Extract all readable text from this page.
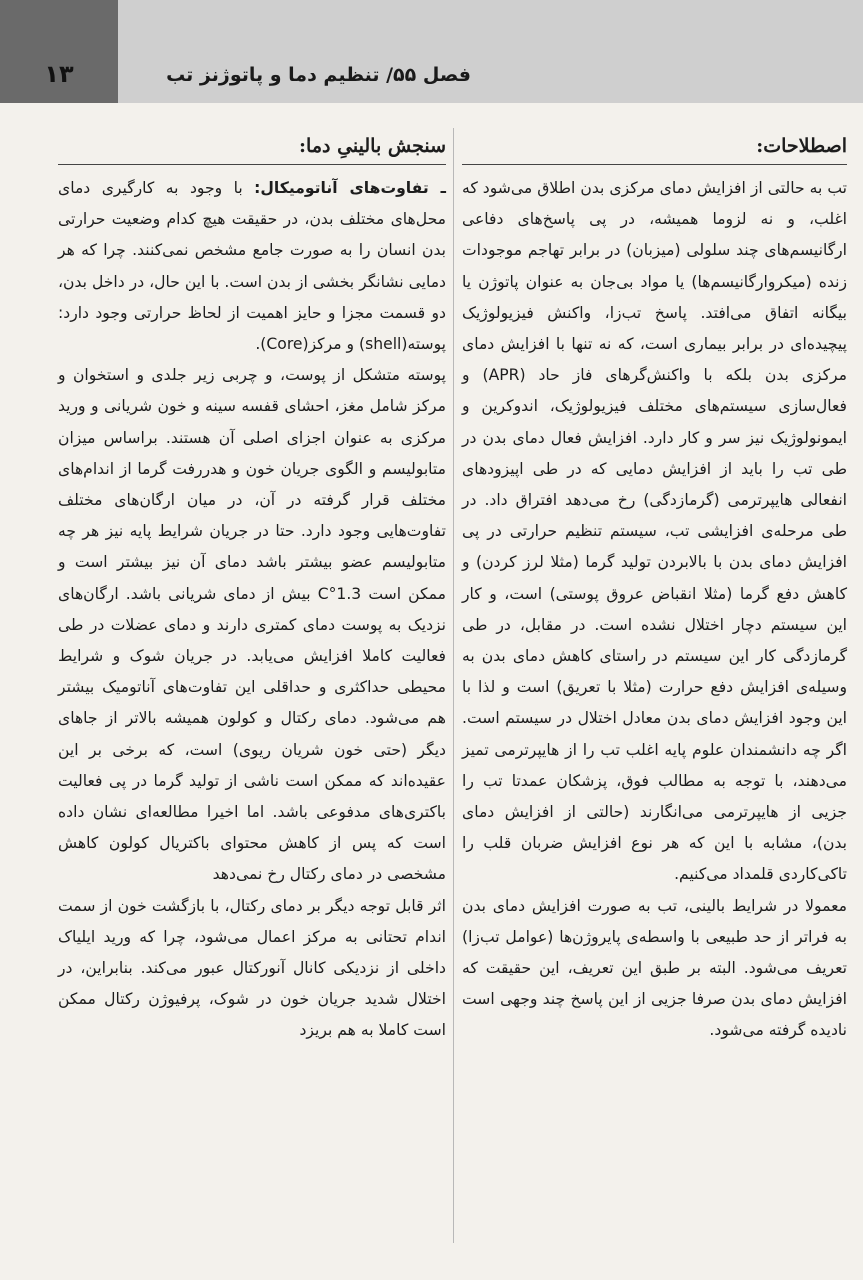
۱۳	فصل ۵۵/ تنظیم دما و پاتوژنز تب
اصطلاحات:

تب به حالتی از افزایش دمای مرکزی بدن اطلاق می‌شود که اغلب، و نه لزوما همیشه، در پی پاسخ‌های دفاعی ارگانیسم‌های چند سلولی (میزبان) در برابر تهاجم موجودات زنده (میکروارگانیسم‌ها) یا مواد بی‌جان به عنوان پاتوژن یا بیگانه اتفاق می‌افتد. پاسخ تب‌زا، واکنش فیزیولوژیک پیچیده‌ای در برابر بیماری است، که نه تنها با افزایش دمای مرکزی بدن بلکه با واکنش‌گرهای فاز حاد (APR) و فعال‌سازی سیستم‌های مختلف فیزیولوژیک، اندوکرین و ایمونولوژیک نیز سر و کار دارد. افزایش فعال دمای بدن در طی تب را باید از افزایش دمایی که در طی اپیزودهای انفعالی هایپرترمی (گرمازدگی) رخ می‌دهد افتراق داد. در طی مرحله‌ی افزایشی تب، سیستم تنظیم حرارتی در پی افزایش دمای بدن با بالابردن تولید گرما (مثلا لرز کردن) و کاهش دفع گرما (مثلا انقباض عروق پوستی) است، و کار این سیستم دچار اختلال نشده است. در مقابل، در طی گرمازدگی کار این سیستم در راستای کاهش دمای بدن به وسیله‌ی افزایش دفع حرارت (مثلا با تعریق) است و لذا با این وجود افزایش دمای بدن معادل اختلال در سیستم است. اگر چه دانشمندان علوم پایه اغلب تب را از هایپرترمی تمیز می‌دهند، با توجه به مطالب فوق، پزشکان عمدتا تب را جزیی از هایپرترمی می‌انگارند (حالتی از افزایش دمای بدن)، مشابه با این که هر نوع افزایش ضربان قلب را تاکی‌کاردی قلمداد می‌کنیم.

معمولا در شرایط بالینی، تب به صورت افزایش دمای بدن به فراتر از حد طبیعی با واسطه‌ی پایروژن‌ها (عوامل تب‌زا) تعریف می‌شود. البته بر طبق این تعریف، این حقیقت که افزایش دمای بدن صرفا جزیی از این پاسخ چند وجهی است نادیده گرفته می‌شود.

سنجش بالینیِ دما:

ـ تفاوت‌های آناتومیکال: با وجود به کارگیری دمای محل‌های مختلف بدن، در حقیقت هیچ کدام وضعیت حرارتی بدن انسان را به صورت جامع مشخص نمی‌کنند. چرا که هر دمایی نشانگر بخشی از بدن است. با این حال، در داخل بدن، دو قسمت مجزا و حایز اهمیت از لحاظ حرارتی وجود دارد: پوسته(shell) و مرکز(Core).

پوسته متشکل از پوست، و چربی زیر جلدی و استخوان و مرکز شامل مغز، احشای قفسه سینه و خون شریانی و ورید مرکزی به عنوان اجزای اصلی آن هستند. براساس میزان متابولیسم و الگوی جریان خون و هدررفت گرما از اندام‌های مختلف قرار گرفته در آن، در میان ارگان‌های مختلف تفاوت‌هایی وجود دارد. حتا در جریان شرایط پایه نیز هر چه متابولیسم عضو بیشتر باشد دمای آن نیز بیشتر است و ممکن است 1.3°C بیش از دمای شریانی باشد. ارگان‌های نزدیک به پوست دمای کمتری دارند و دمای عضلات در طی فعالیت کاملا افزایش می‌یابد. در جریان شوک و شرایط محیطی حداکثری و حداقلی این تفاوت‌های آناتومیک بیشتر هم می‌شود. دمای رکتال و کولون همیشه بالاتر از جاهای دیگر (حتی خون شریان ریوی) است، که برخی بر این عقیده‌اند که ممکن است ناشی از تولید گرما در پی فعالیت باکتری‌های مدفوعی باشد. اما اخیرا مطالعه‌ای نشان داده است که پس از کاهش محتوای باکتریال کولون کاهش مشخصی در دمای رکتال رخ نمی‌دهد

اثر قابل توجه دیگر بر دمای رکتال، با بازگشت خون از سمت اندام تحتانی به مرکز اعمال می‌شود، چرا که ورید ایلیاک داخلی از نزدیکی کانال آنورکتال عبور می‌کند. بنابراین، در اختلال شدید جریان خون در شوک، پرفیوژن رکتال ممکن است کاملا به هم بریزد
